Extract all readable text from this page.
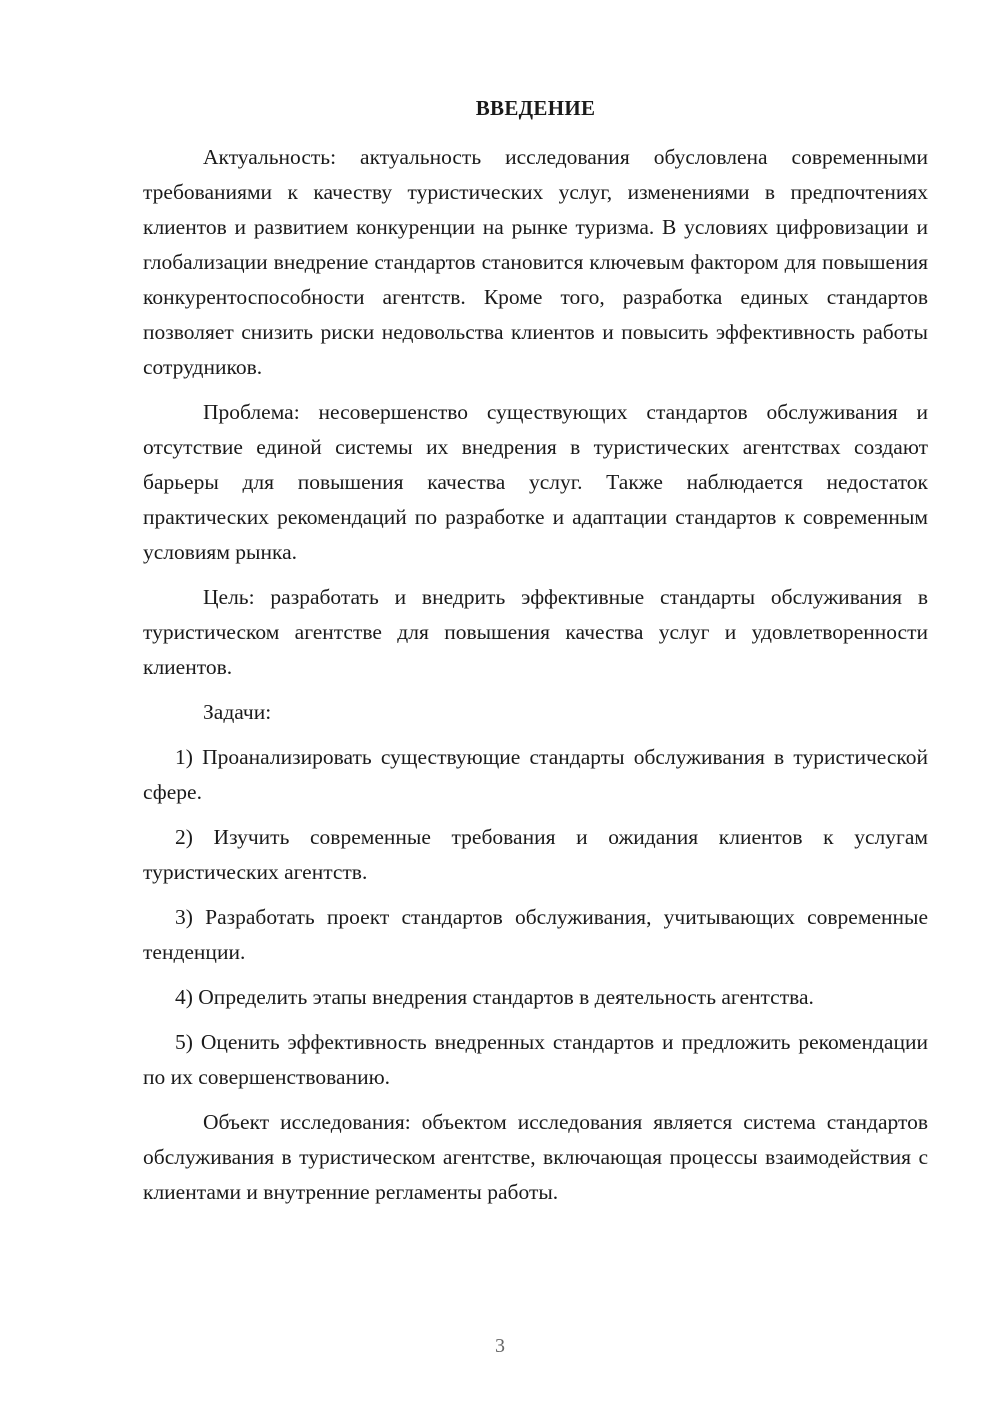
ВВЕДЕНИЕ

Актуальность: актуальность исследования обусловлена современными требованиями к качеству туристических услуг, изменениями в предпочтениях клиентов и развитием конкуренции на рынке туризма. В условиях цифровизации и глобализации внедрение стандартов становится ключевым фактором для повышения конкурентоспособности агентств. Кроме того, разработка единых стандартов позволяет снизить риски недовольства клиентов и повысить эффективность работы сотрудников.

Проблема: несовершенство существующих стандартов обслуживания и отсутствие единой системы их внедрения в туристических агентствах создают барьеры для повышения качества услуг. Также наблюдается недостаток практических рекомендаций по разработке и адаптации стандартов к современным условиям рынка.

Цель: разработать и внедрить эффективные стандарты обслуживания в туристическом агентстве для повышения качества услуг и удовлетворенности клиентов.

Задачи:

1) Проанализировать существующие стандарты обслуживания в туристической сфере.

2) Изучить современные требования и ожидания клиентов к услугам туристических агентств.

3) Разработать проект стандартов обслуживания, учитывающих современные тенденции.

4) Определить этапы внедрения стандартов в деятельность агентства.

5) Оценить эффективность внедренных стандартов и предложить рекомендации по их совершенствованию.

Объект исследования: объектом исследования является система стандартов обслуживания в туристическом агентстве, включающая процессы взаимодействия с клиентами и внутренние регламенты работы.

3
